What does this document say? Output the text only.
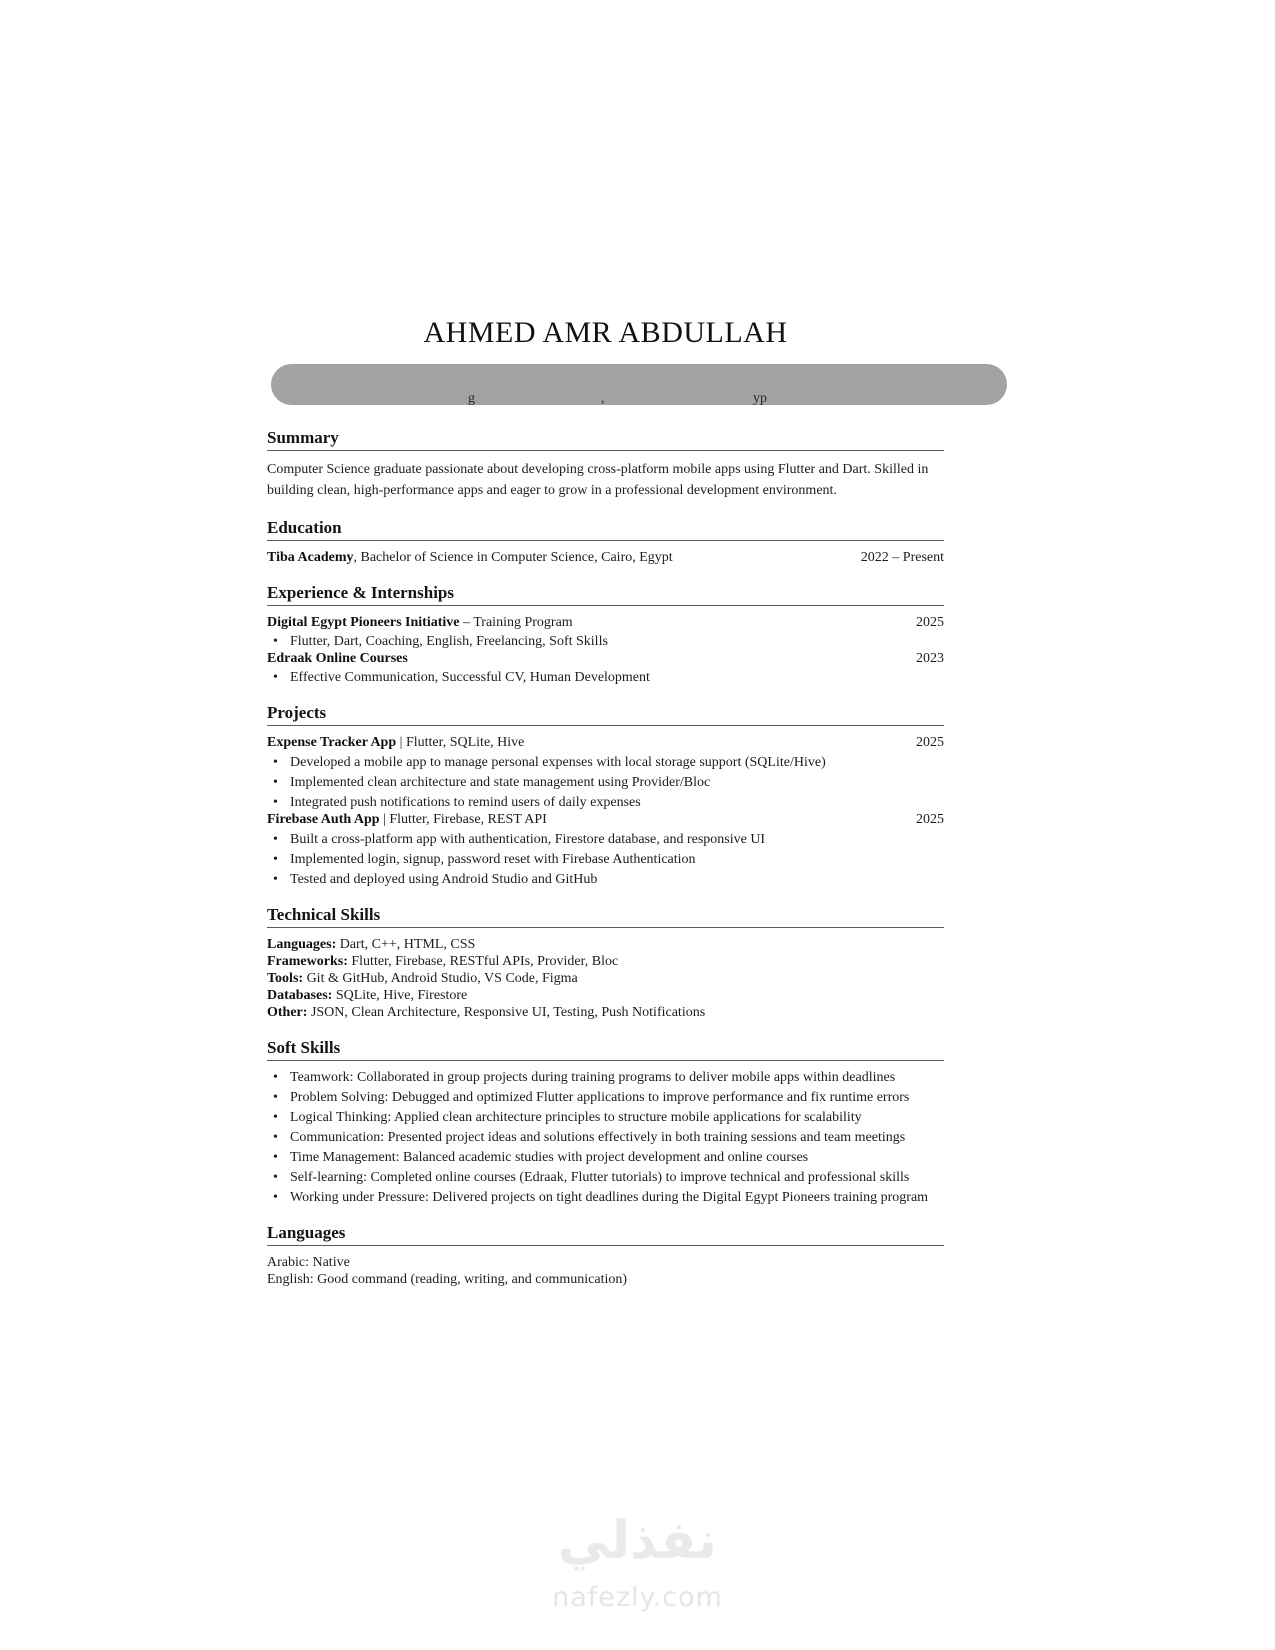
AHMED AMR ABDULLAH
g	,	yp
Summary
Computer Science graduate passionate about developing cross-platform mobile apps using Flutter and Dart. Skilled in building clean, high-performance apps and eager to grow in a professional development environment.
Education
Tiba Academy, Bachelor of Science in Computer Science, Cairo, Egypt	2022 – Present
Experience & Internships
Digital Egypt Pioneers Initiative – Training Program	2025
• Flutter, Dart, Coaching, English, Freelancing, Soft Skills
Edraak Online Courses	2023
• Effective Communication, Successful CV, Human Development
Projects
Expense Tracker App | Flutter, SQLite, Hive	2025
• Developed a mobile app to manage personal expenses with local storage support (SQLite/Hive)
• Implemented clean architecture and state management using Provider/Bloc
• Integrated push notifications to remind users of daily expenses
Firebase Auth App | Flutter, Firebase, REST API	2025
• Built a cross-platform app with authentication, Firestore database, and responsive UI
• Implemented login, signup, password reset with Firebase Authentication
• Tested and deployed using Android Studio and GitHub
Technical Skills
Languages: Dart, C++, HTML, CSS
Frameworks: Flutter, Firebase, RESTful APIs, Provider, Bloc
Tools: Git & GitHub, Android Studio, VS Code, Figma
Databases: SQLite, Hive, Firestore
Other: JSON, Clean Architecture, Responsive UI, Testing, Push Notifications
Soft Skills
• Teamwork: Collaborated in group projects during training programs to deliver mobile apps within deadlines
• Problem Solving: Debugged and optimized Flutter applications to improve performance and fix runtime errors
• Logical Thinking: Applied clean architecture principles to structure mobile applications for scalability
• Communication: Presented project ideas and solutions effectively in both training sessions and team meetings
• Time Management: Balanced academic studies with project development and online courses
• Self-learning: Completed online courses (Edraak, Flutter tutorials) to improve technical and professional skills
• Working under Pressure: Delivered projects on tight deadlines during the Digital Egypt Pioneers training program
Languages
Arabic: Native
English: Good command (reading, writing, and communication)
نفذلي
nafezly.com
